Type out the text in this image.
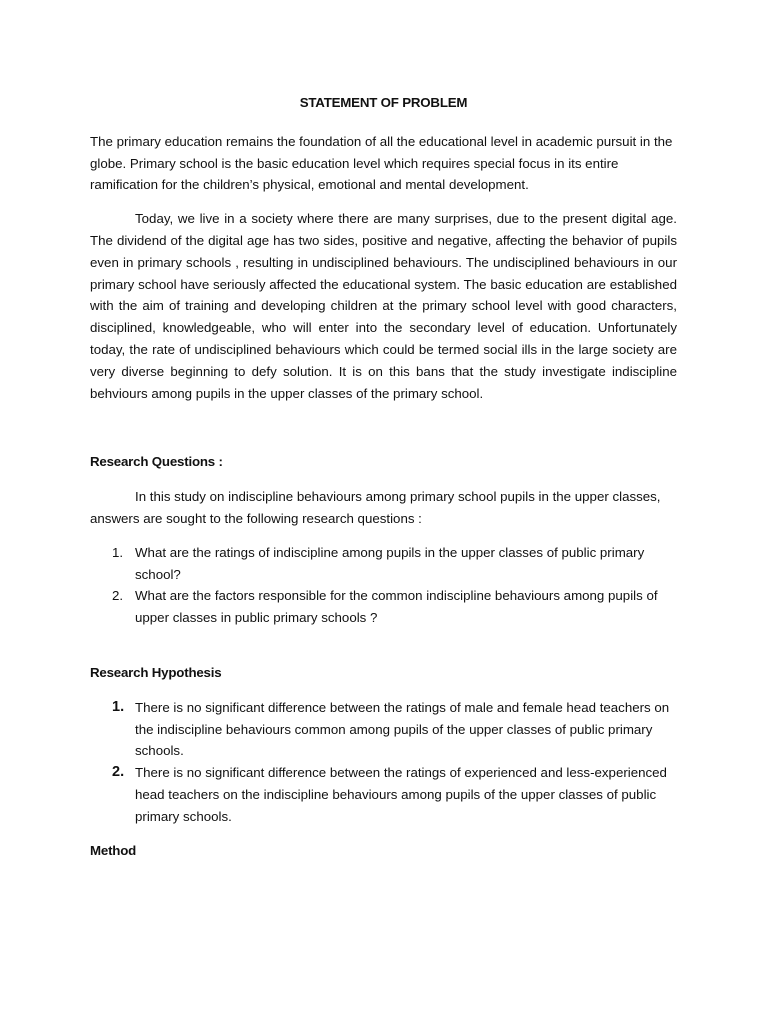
STATEMENT OF PROBLEM

The primary education remains the foundation of all the educational level in academic pursuit in the globe. Primary school is the basic education level which requires special focus in its entire ramification for the children’s physical, emotional and mental development.

Today, we live in a society where there are many surprises, due to the present digital age. The dividend of the digital age has two sides, positive and negative, affecting the behavior of pupils even in primary schools , resulting in undisciplined behaviours. The undisciplined behaviours in our primary school have seriously affected the educational system. The basic education are established with the aim of training and developing children at the primary school level with good characters, disciplined, knowledgeable, who will enter into the secondary level of education. Unfortunately today, the rate of undisciplined behaviours which could be termed social ills in the large society are very diverse beginning to defy solution. It is on this bans that the study investigate indiscipline behviours among pupils in the upper classes of the primary school.

Research Questions :

In this study on indiscipline behaviours among primary school pupils in the upper classes, answers are sought to the following research questions :

1. What are the ratings of indiscipline among pupils in the upper classes of public primary school?
2. What are the factors responsible for the common indiscipline behaviours among pupils of upper classes in public primary schools ?
Research Hypothesis
1. There is no significant difference between the ratings of male and female head teachers on the indiscipline behaviours common among pupils of the upper classes of public primary schools.
2. There is no significant difference between the ratings of experienced and less-experienced head teachers on the indiscipline behaviours among pupils of the upper classes of public primary schools.
Method
